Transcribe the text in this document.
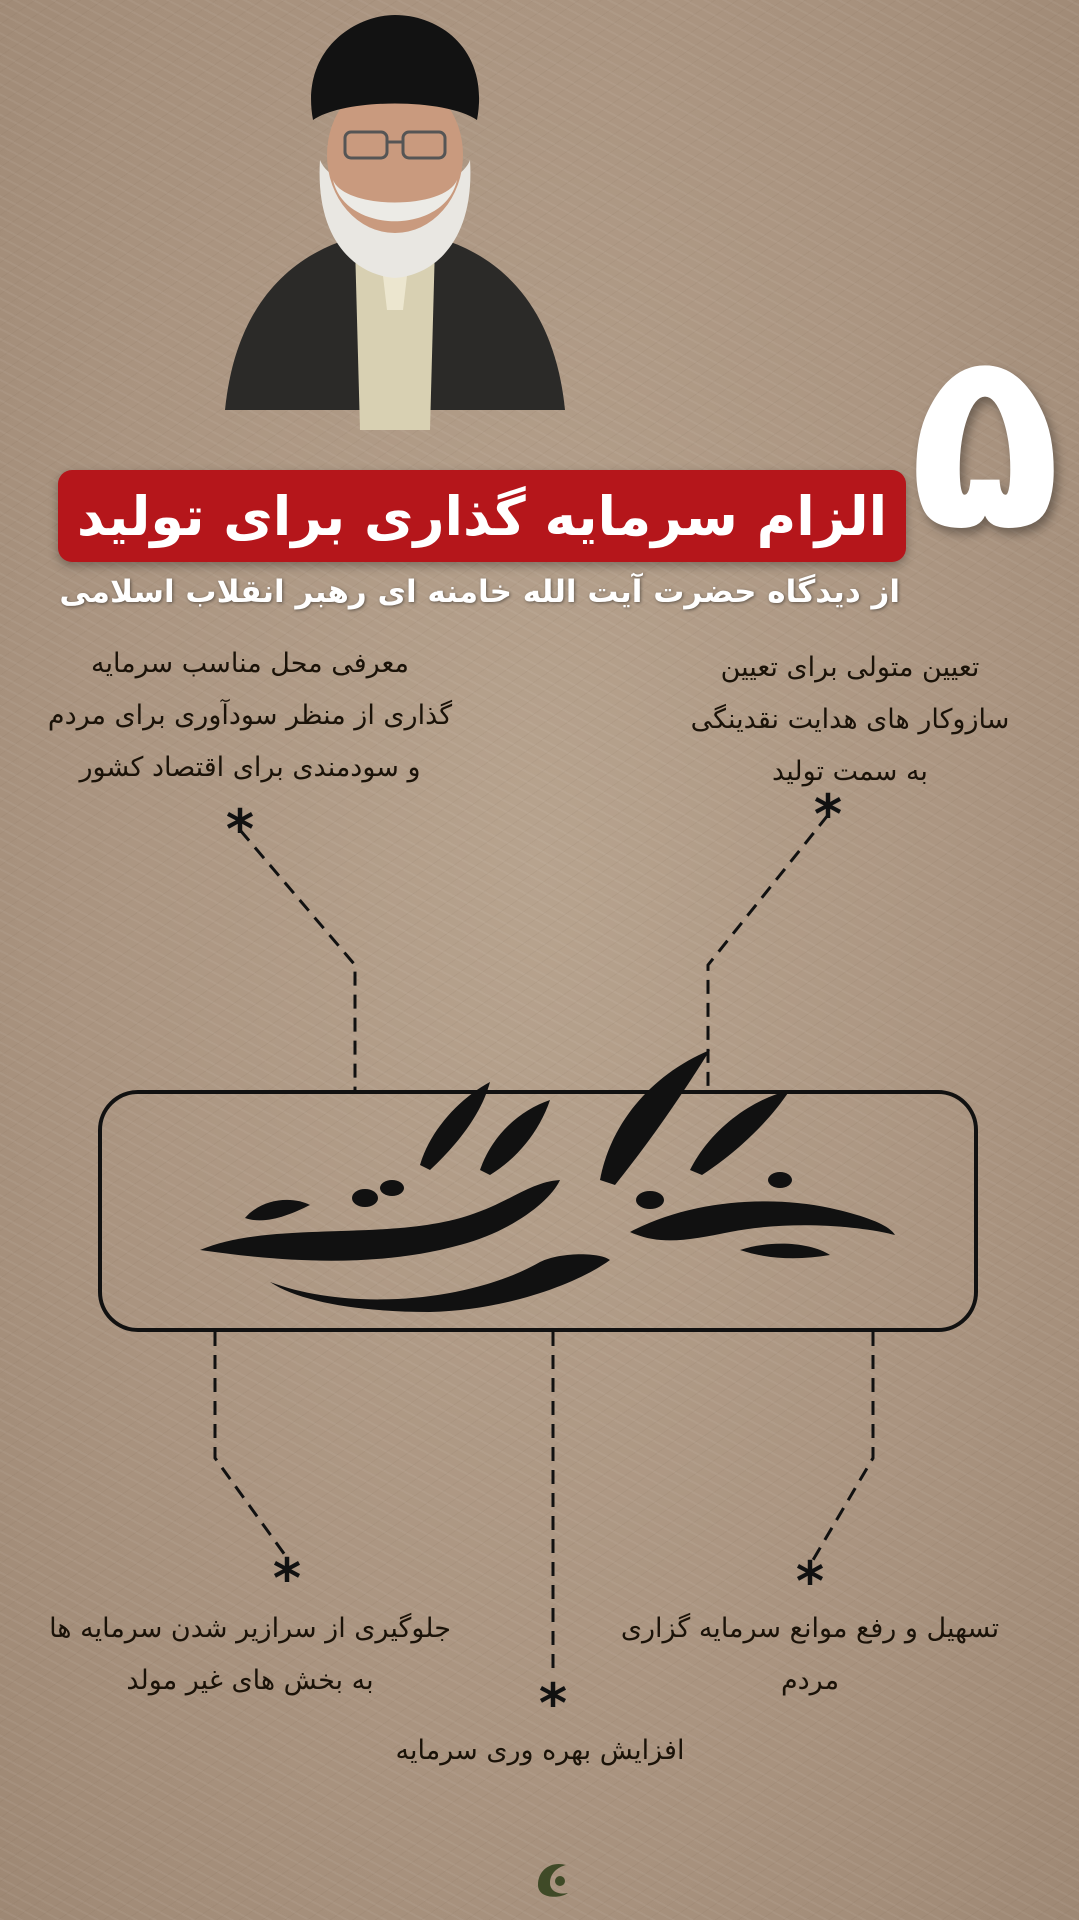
۵
الزام سرمایه گذاری برای تولید
از دیدگاه حضرت آیت الله خامنه ای رهبر انقلاب اسلامی
معرفی محل مناسب سرمایه
گذاری از منظر سودآوری برای مردم
و سودمندی برای اقتصاد کشور
تعیین متولی برای تعیین
سازوکار های هدایت نقدینگی
به سمت تولید
*	*
*
*
*
جلوگیری از سرازیر شدن سرمایه ها
به بخش های غیر مولد
تسهیل و رفع موانع سرمایه گزاری
مردم
افزایش بهره وری سرمایه
